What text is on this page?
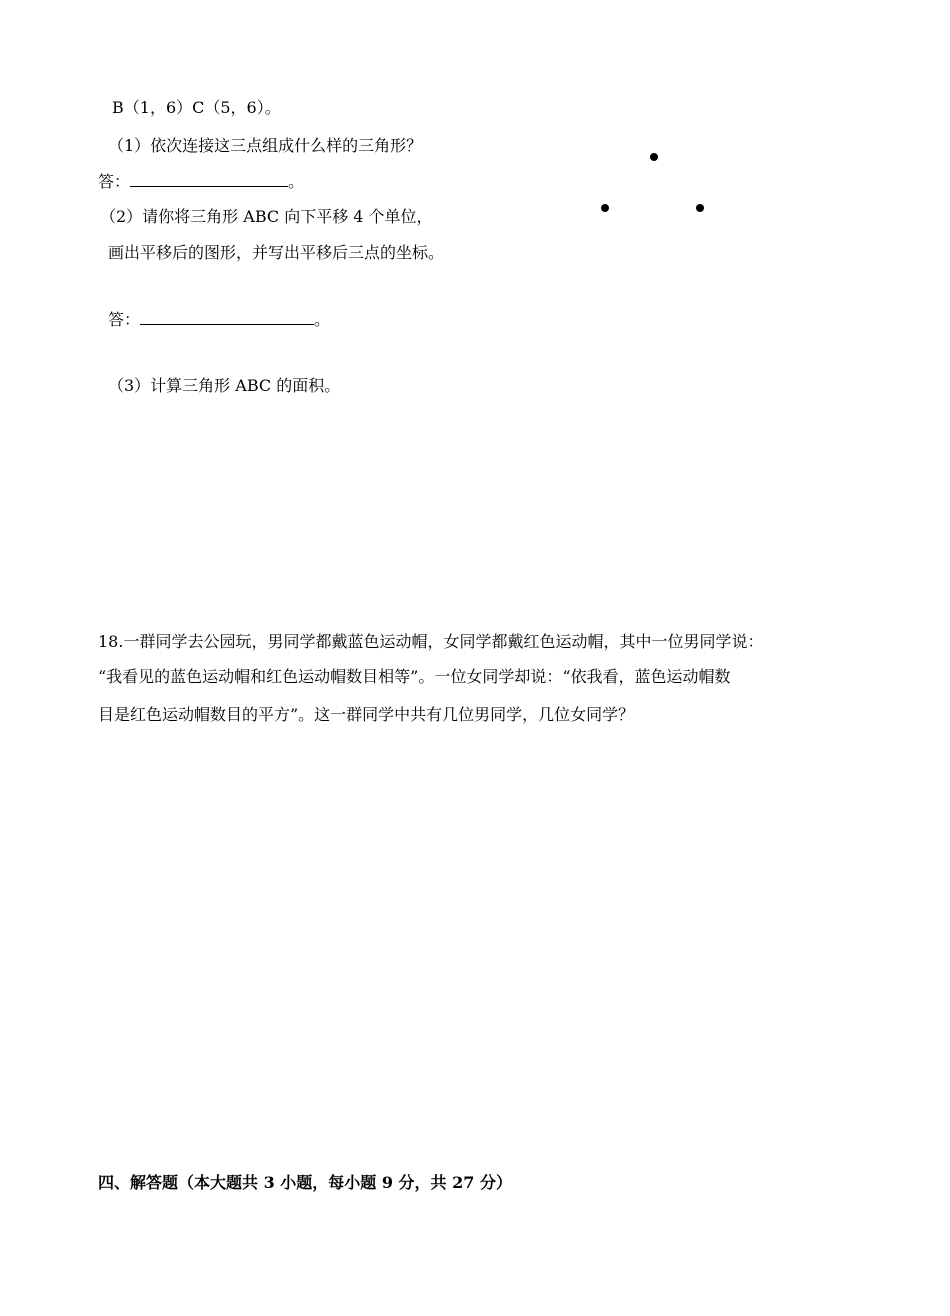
B（1，6）C（5，6）。
（1）依次连接这三点组成什么样的三角形？
答：	。
（2）请你将三角形 ABC 向下平移 4 个单位，
画出平移后的图形，并写出平移后三点的坐标。
答：	。
（3）计算三角形 ABC 的面积。
18.一群同学去公园玩，男同学都戴蓝色运动帽，女同学都戴红色运动帽，其中一位男同学说：
“我看见的蓝色运动帽和红色运动帽数目相等”。一位女同学却说：“依我看，蓝色运动帽数
目是红色运动帽数目的平方”。这一群同学中共有几位男同学，几位女同学？
四、解答题（本大题共 3 小题，每小题 9 分，共 27 分）
